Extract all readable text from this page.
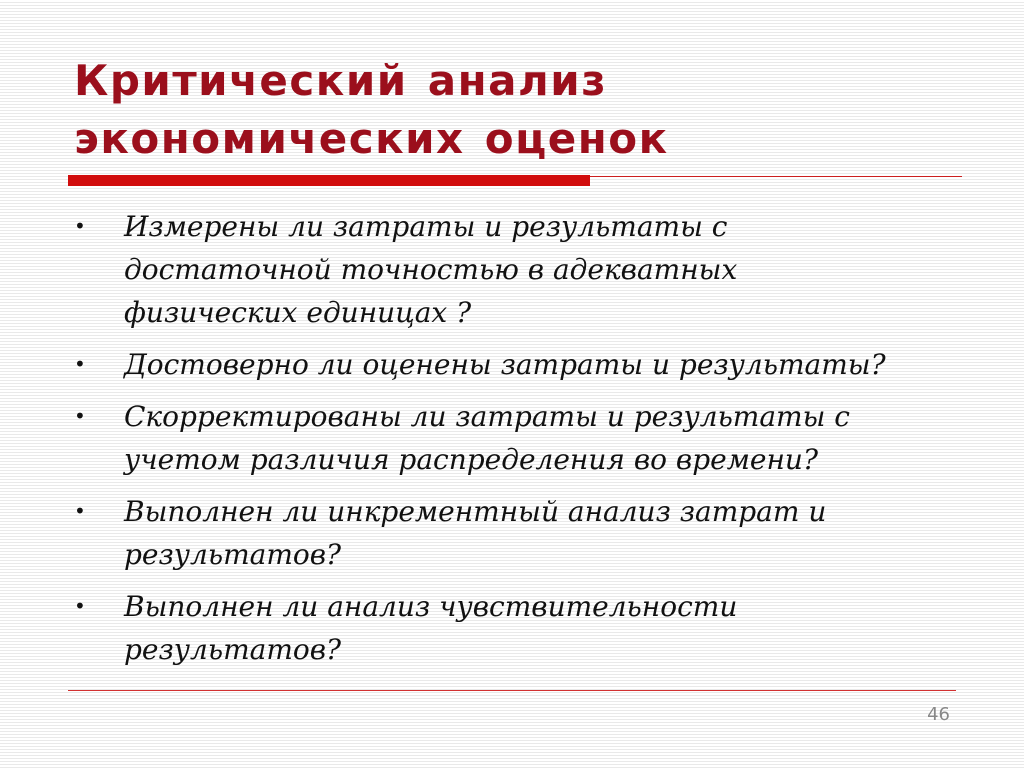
Критический анализ
экономических оценок
• Измерены ли затраты и результаты с
достаточной точностью в адекватных
физических единицах ?
• Достоверно ли оценены затраты и результаты?
• Скорректированы ли затраты и результаты с
учетом различия распределения во времени?
• Выполнен ли инкрементный анализ затрат и
результатов?
• Выполнен ли анализ чувствительности
результатов?
46
